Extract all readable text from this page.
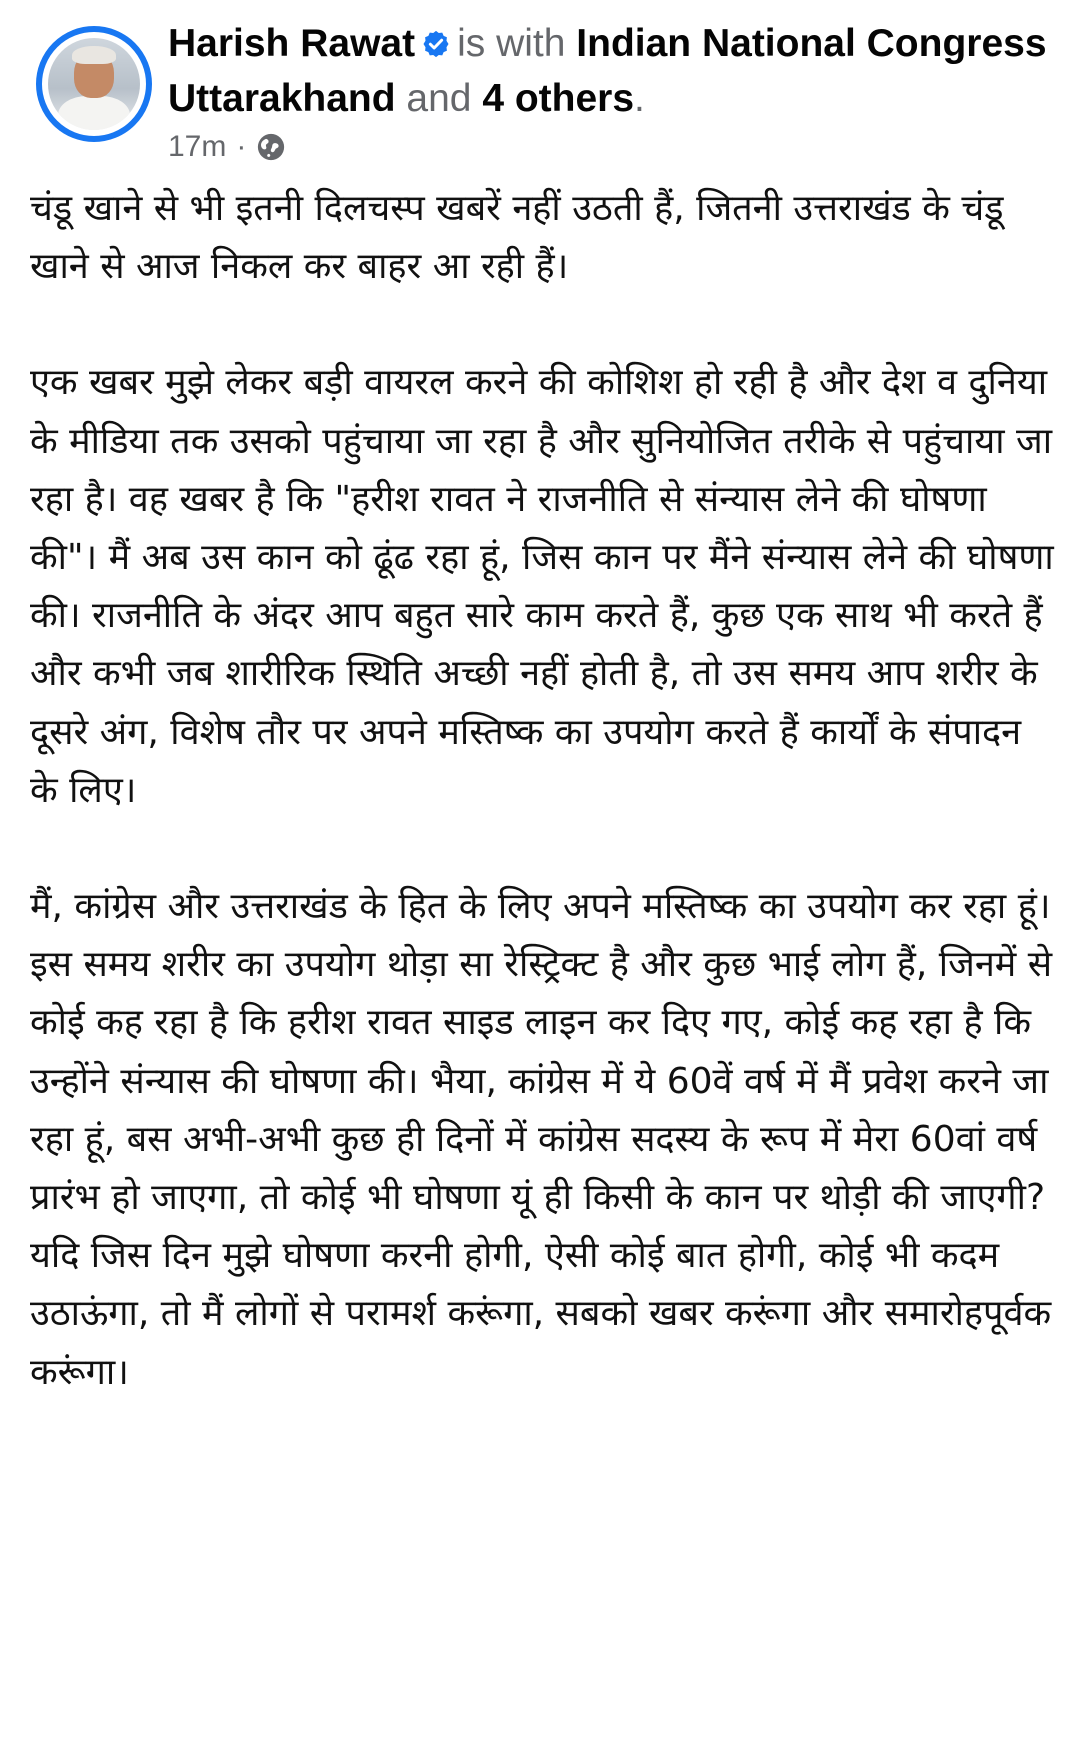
Harish Rawat is with Indian National Congress Uttarakhand and 4 others.
17m ·

चंडू खाने से भी इतनी दिलचस्प खबरें नहीं उठती हैं, जितनी उत्तराखंड के चंडू खाने से आज निकल कर बाहर आ रही हैं।

एक खबर मुझे लेकर बड़ी वायरल करने की कोशिश हो रही है और देश व दुनिया के मीडिया तक उसको पहुंचाया जा रहा है और सुनियोजित तरीके से पहुंचाया जा रहा है। वह खबर है कि "हरीश रावत ने राजनीति से संन्यास लेने की घोषणा की"। मैं अब उस कान को ढूंढ रहा हूं, जिस कान पर मैंने संन्यास लेने की घोषणा की। राजनीति के अंदर आप बहुत सारे काम करते हैं, कुछ एक साथ भी करते हैं और कभी जब शारीरिक स्थिति अच्छी नहीं होती है, तो उस समय आप शरीर के दूसरे अंग, विशेष तौर पर अपने मस्तिष्क का उपयोग करते हैं कार्यों के संपादन के लिए।

मैं, कांग्रेस और उत्तराखंड के हित के लिए अपने मस्तिष्क का उपयोग कर रहा हूं। इस समय शरीर का उपयोग थोड़ा सा रेस्ट्रिक्ट है और कुछ भाई लोग हैं, जिनमें से कोई कह रहा है कि हरीश रावत साइड लाइन कर दिए गए, कोई कह रहा है कि उन्होंने संन्यास की घोषणा की। भैया, कांग्रेस में ये 60वें वर्ष में मैं प्रवेश करने जा रहा हूं, बस अभी-अभी कुछ ही दिनों में कांग्रेस सदस्य के रूप में मेरा 60वां वर्ष प्रारंभ हो जाएगा, तो कोई भी घोषणा यूं ही किसी के कान पर थोड़ी की जाएगी? यदि जिस दिन मुझे घोषणा करनी होगी, ऐसी कोई बात होगी, कोई भी कदम उठाऊंगा, तो मैं लोगों से परामर्श करूंगा, सबको खबर करूंगा और समारोहपूर्वक करूंगा।
